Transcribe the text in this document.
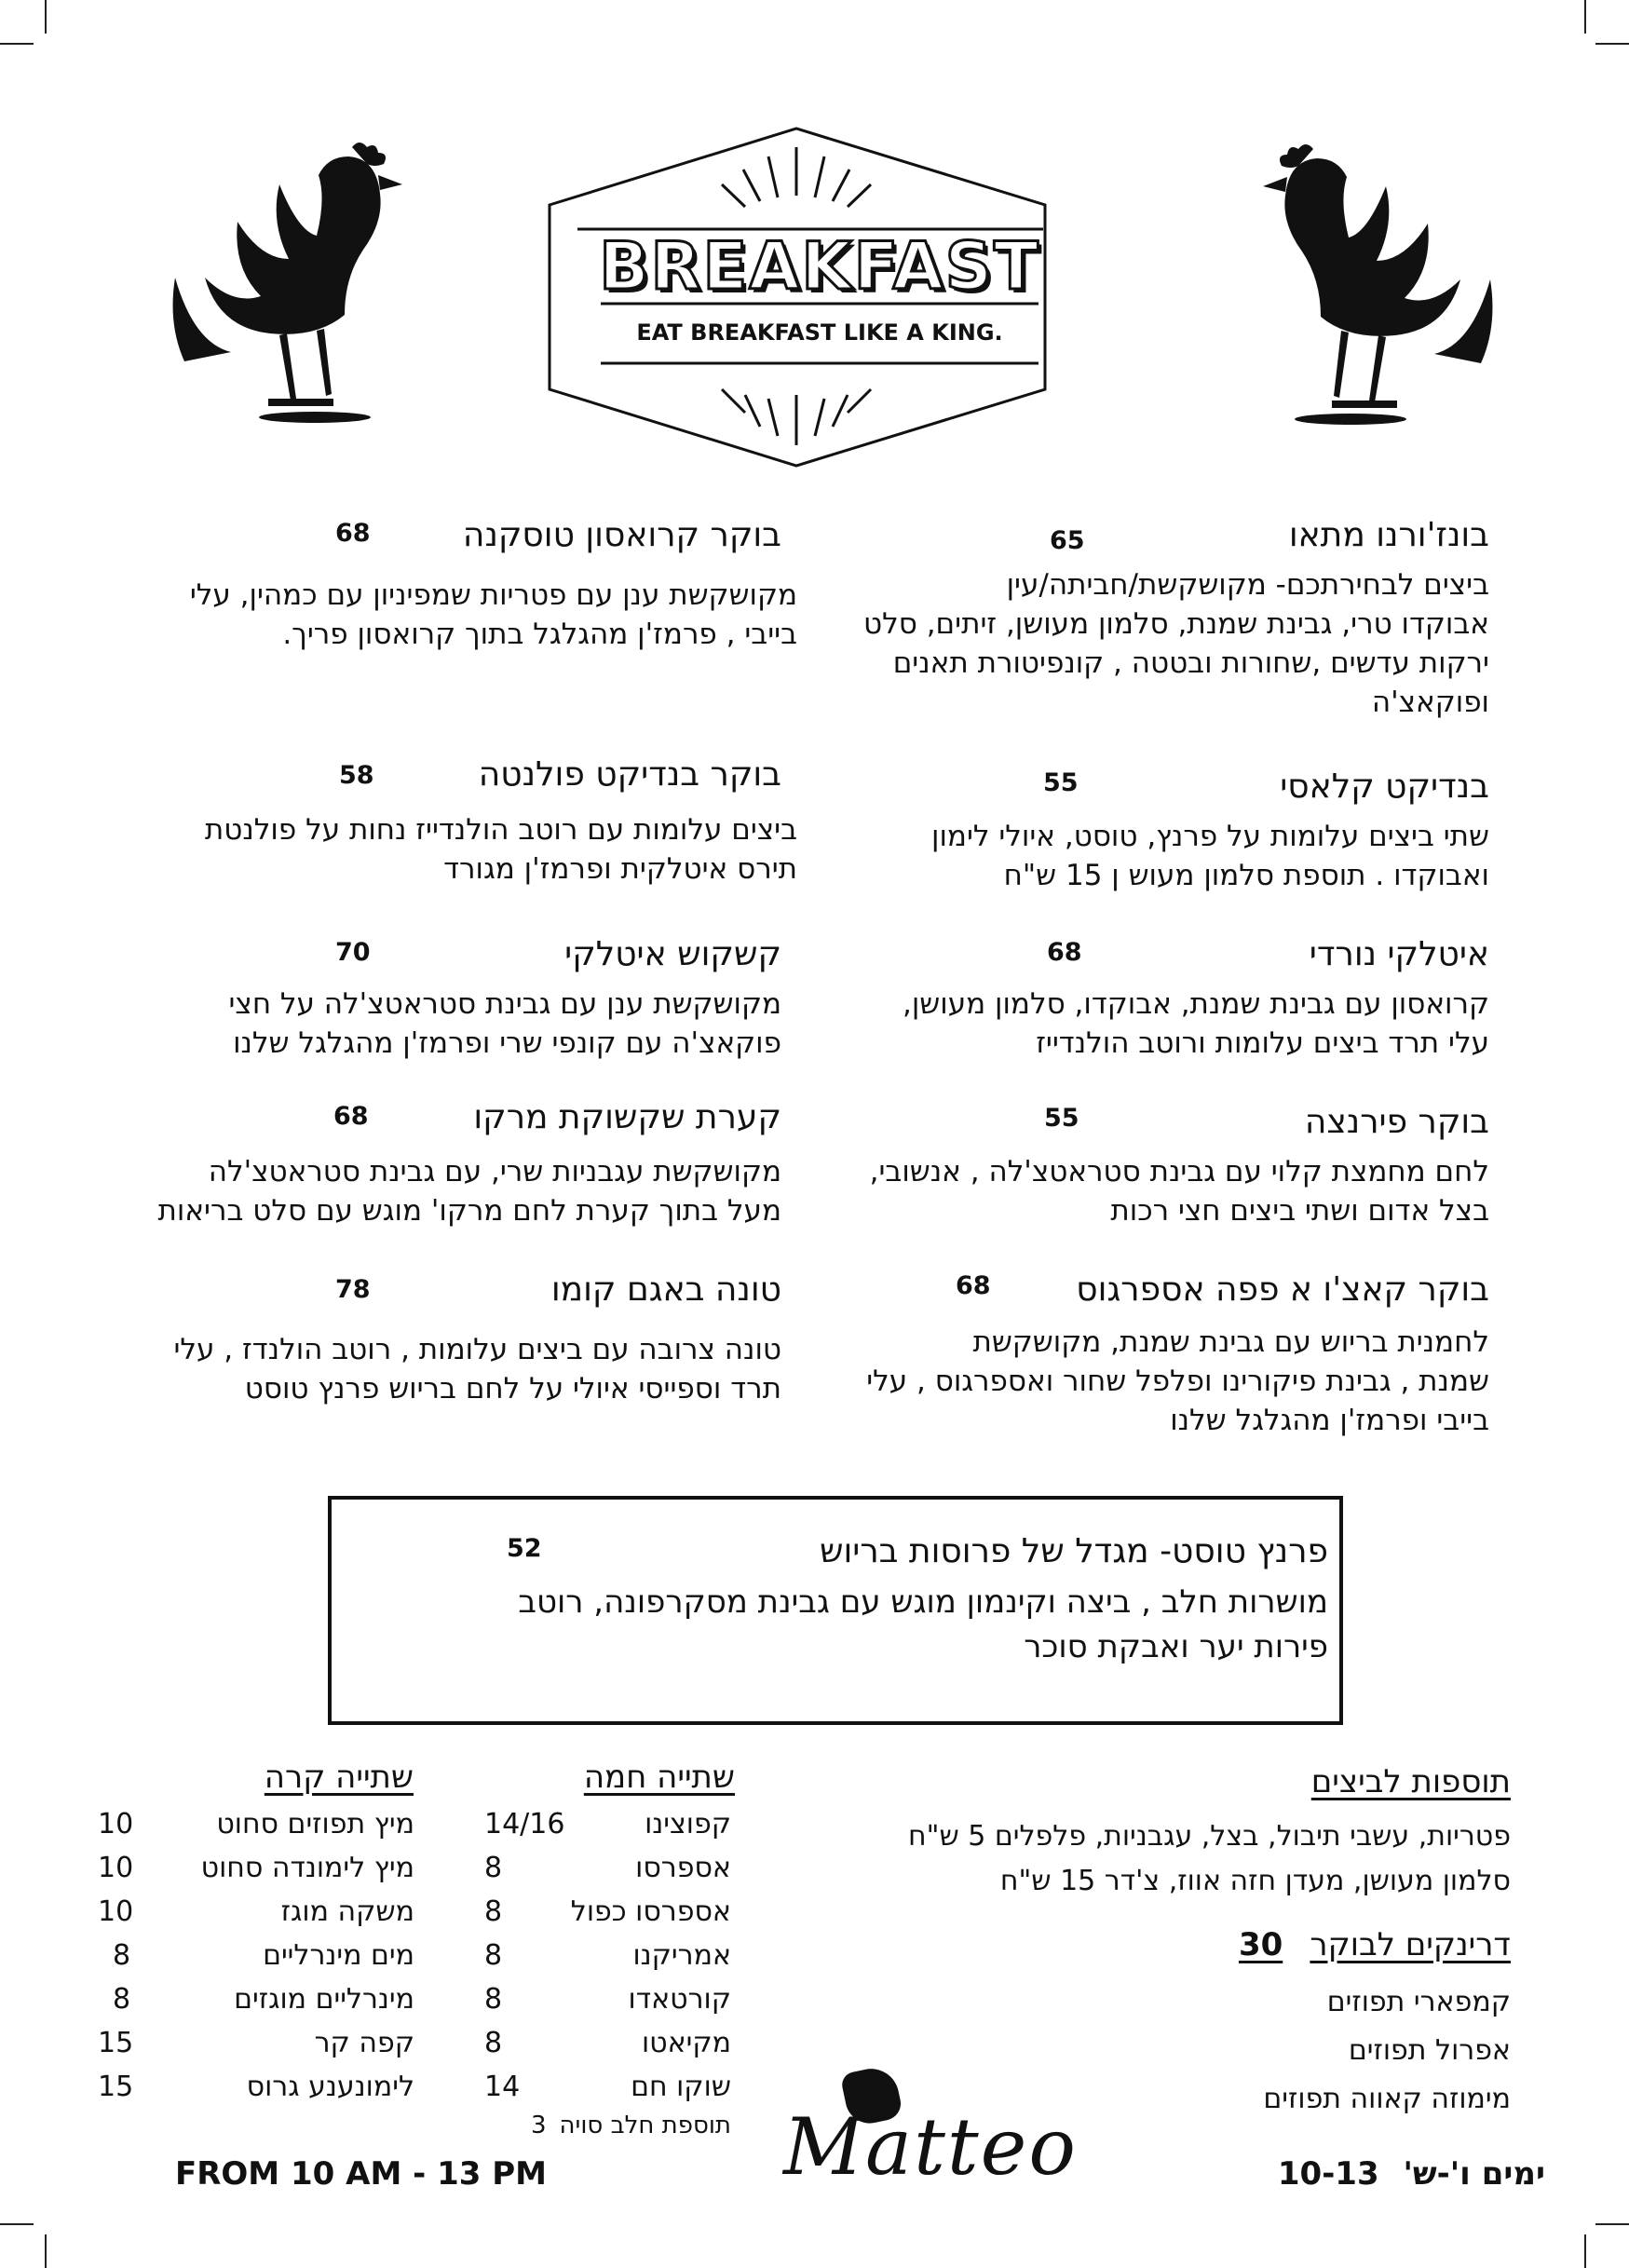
BREAKFAST
EAT BREAKFAST LIKE A KING.
בונז'ורנו מתאו
65
ביצים לבחירתכם- מקושקשת/חביתה/עין
אבוקדו טרי, גבינת שמנת, סלמון מעושן, זיתים, סלט
ירקות עדשים ,שחורות ובטטה , קונפיטורת תאנים
ופוקאצ'ה
בנדיקט קלאסי
55
שתי ביצים עלומות על פרנץ, טוסט, איולי לימון
ואבוקדו . תוספת סלמון מעוש ן 15 ש"ח
איטלקי נורדי
68
קרואסון עם גבינת שמנת, אבוקדו, סלמון מעושן,
עלי תרד ביצים עלומות ורוטב הולנדייז
בוקר פירנצה
55
לחם מחמצת קלוי עם גבינת סטראטצ'לה , אנשובי,
בצל אדום ושתי ביצים חצי רכות
בוקר קאצ'ו א פפה אספרגוס
68
לחמנית בריוש עם גבינת שמנת, מקושקשת
שמנת , גבינת פיקורינו ופלפל שחור ואספרגוס , עלי
בייבי ופרמז'ן מהגלגל שלנו
בוקר קרואסון טוסקנה
68
מקושקשת ענן עם פטריות שמפיניון עם כמהין, עלי
בייבי , פרמז'ן מהגלגל בתוך קרואסון פריך.
בוקר בנדיקט פולנטה
58
ביצים עלומות עם רוטב הולנדייז נחות על פולנטת
תירס איטלקית ופרמז'ן מגורד
קשקוש איטלקי
70
מקושקשת ענן עם גבינת סטראטצ'לה על חצי
פוקאצ'ה עם קונפי שרי ופרמז'ן מהגלגל שלנו
קערת שקשוקת מרקו
68
מקושקשת עגבניות שרי, עם גבינת סטראטצ'לה
מעל בתוך קערת לחם מרקו' מוגש עם סלט בריאות
טונה באגם קומו
78
טונה צרובה עם ביצים עלומות , רוטב הולנדז , עלי
תרד וספייסי איולי על לחם בריוש פרנץ טוסט
פרנץ טוסט- מגדל של פרוסות בריוש
52
מושרות חלב , ביצה וקינמון מוגש עם גבינת מסקרפונה, רוטב
פירות יער ואבקת סוכר
תוספות לביצים
פטריות, עשבי תיבול, בצל, עגבניות, פלפלים 5 ש"ח
סלמון מעושן, מעדן חזה אווז, צ'דר 15 ש"ח
דרינקים לבוקר 30
קמפארי תפוזים
אפרול תפוזים
מימוזה קאווה תפוזים
שתייה חמה
14/16	קפוצינו
8	אספרסו
8 אספרסו כפול
8	אמריקנו
8	קורטאדו
8	מקיאטו
14	שוקו חם
3 תוספת חלב סויה
שתייה קרה
10	מיץ תפוזים סחוט
10 מיץ לימונדה סחוט
10	משקה מוגז
8	מים מינרליים
8	מינרליים מוגזים
15	קפה קר
15	לימונענע גרוס
FROM 10 AM - 13 PM	Matteo	ימים ו'-ש' 10-13
